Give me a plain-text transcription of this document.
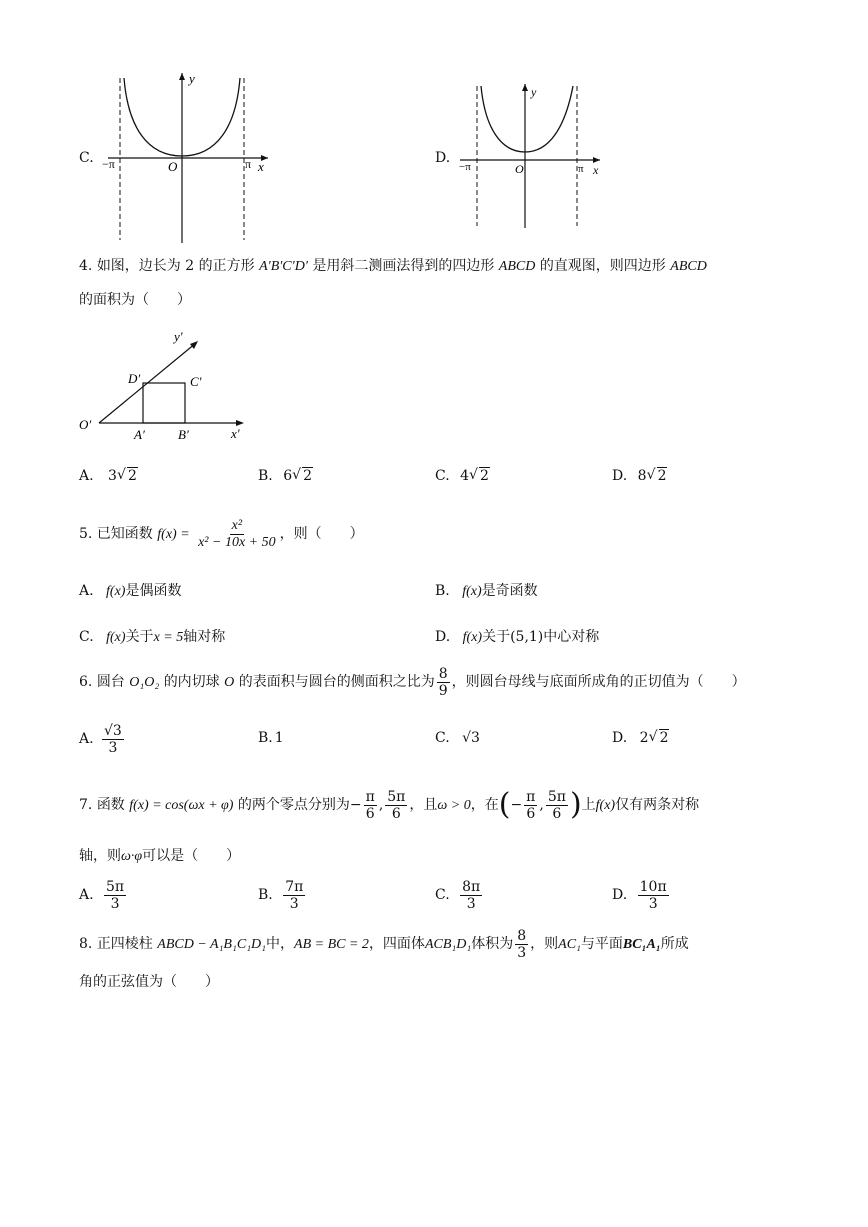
C.
y
x
O
−π	π	D.
y
x
O
−π	π
4. 如图，边长为 2 的正方形 A′B′C′D′ 是用斜二测画法得到的四边形 ABCD 的直观图，则四边形 ABCD
的面积为（　　）
y′
x′
O′
A′	B′
C′
D′
A. 3 √ 2	B. 6 √ 2	C. 4 √ 2	D. 8 √ 2
5. 已知函数 $f(x) = \frac{\text{x²}}{\text{x² − 10x + 50}}$ ，则（　　）
A. f(x)是偶函数	B. f(x)是奇函数
C. f(x)关于x = 5轴对称	D. f(x)关于(5,1)中心对称
6. 圆台 O₁O₂ 的内切球 O 的表面积与圆台的侧面积之比为 $\frac{8}{9}$ ，则圆台母线与底面所成角的正切值为（　　）
A. $\frac{√3}{3}$	B. 1	C. √3	D. 2 √ 2
7. 函数 f(x) = cos(ωx + φ) 的两个零点分别为− $\frac{\pi}{6}$ , $\frac{5\pi}{6}$ ，且ω > 0，在(− $\frac{\pi}{6}$ , $\frac{5\pi}{6}$ )上f(x)仅有两条对称
轴，则ω·φ可以是（　　）
A. $\frac{5\pi}{3}$	B. $\frac{7\pi}{3}$	C. $\frac{8\pi}{3}$	D. $\frac{10\pi}{3}$
8. 正四棱柱 ABCD − A₁B₁C₁D₁中，AB = BC = 2，四面体ACB₁D₁体积为 $\frac{8}{3}$ ，则AC₁与平面BC₁A₁所成
角的正弦值为（　　）
